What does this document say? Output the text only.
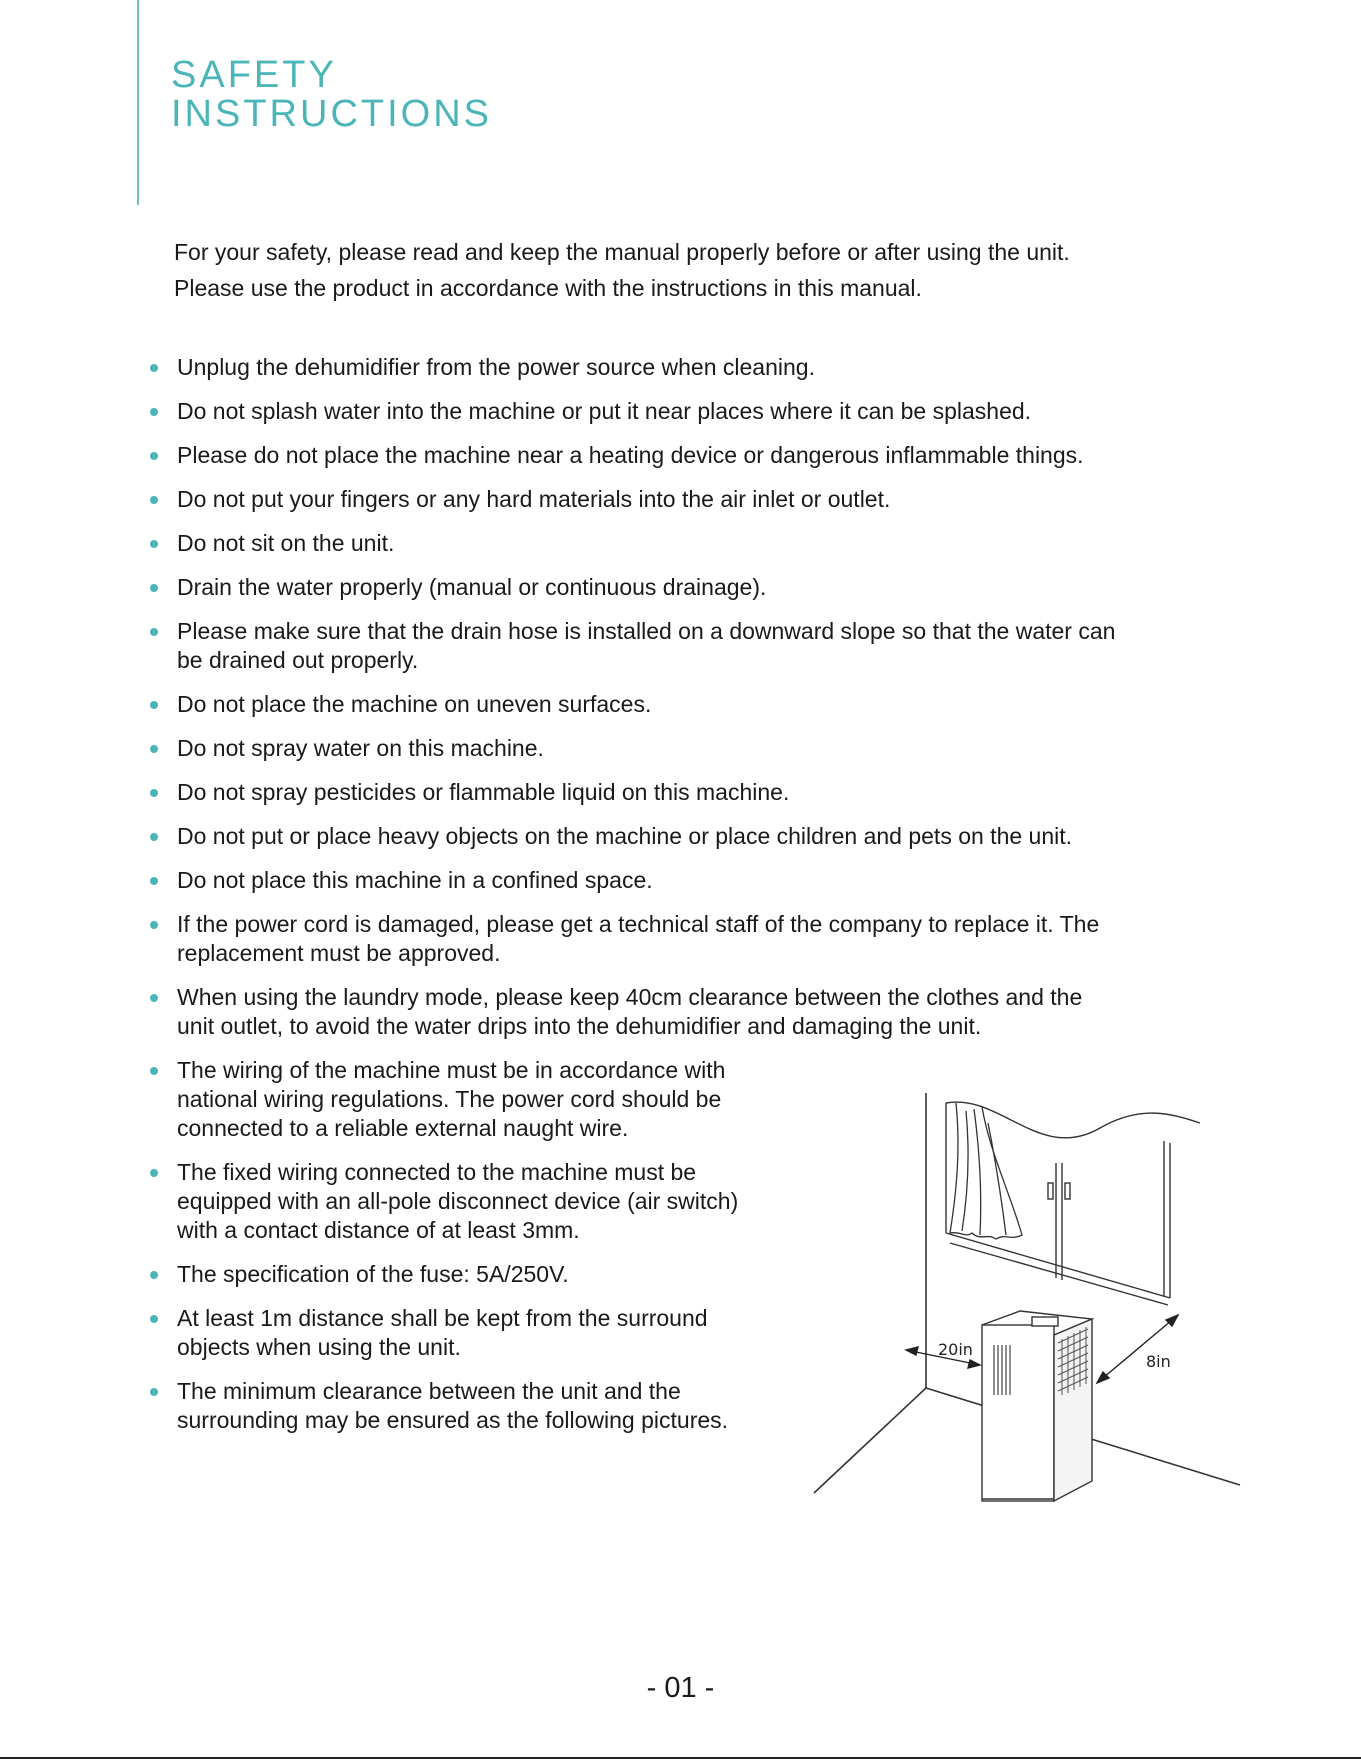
SAFETY
INSTRUCTIONS

For your safety, please read and keep the manual properly before or after using the unit.

Please use the product in accordance with the instructions in this manual.

Unplug the dehumidifier from the power source when cleaning.
Do not splash water into the machine or put it near places where it can be splashed.
Please do not place the machine near a heating device or dangerous inflammable things.
Do not put your fingers or any hard materials into the air inlet or outlet.
Do not sit on the unit.
Drain the water properly (manual or continuous drainage).
Please make sure that the drain hose is installed on a downward slope so that the water can
be drained out properly.
Do not place the machine on uneven surfaces.
Do not spray water on this machine.
Do not spray pesticides or flammable liquid on this machine.
Do not put or place heavy objects on the machine or place children and pets on the unit.
Do not place this machine in a confined space.
If the power cord is damaged, please get a technical staff of the company to replace it. The
replacement must be approved.
When using the laundry mode, please keep 40cm clearance between the clothes and the
unit outlet, to avoid the water drips into the dehumidifier and damaging the unit.
The wiring of the machine must be in accordance with
national wiring regulations. The power cord should be
connected to a reliable external naught wire.
The fixed wiring connected to the machine must be
equipped with an all-pole disconnect device (air switch)
with a contact distance of at least 3mm.
The specification of the fuse: 5A/250V.
At least 1m distance shall be kept from the surround
objects when using the unit.
The minimum clearance between the unit and the
surrounding may be ensured as the following pictures.
20in
8in
- 01 -
